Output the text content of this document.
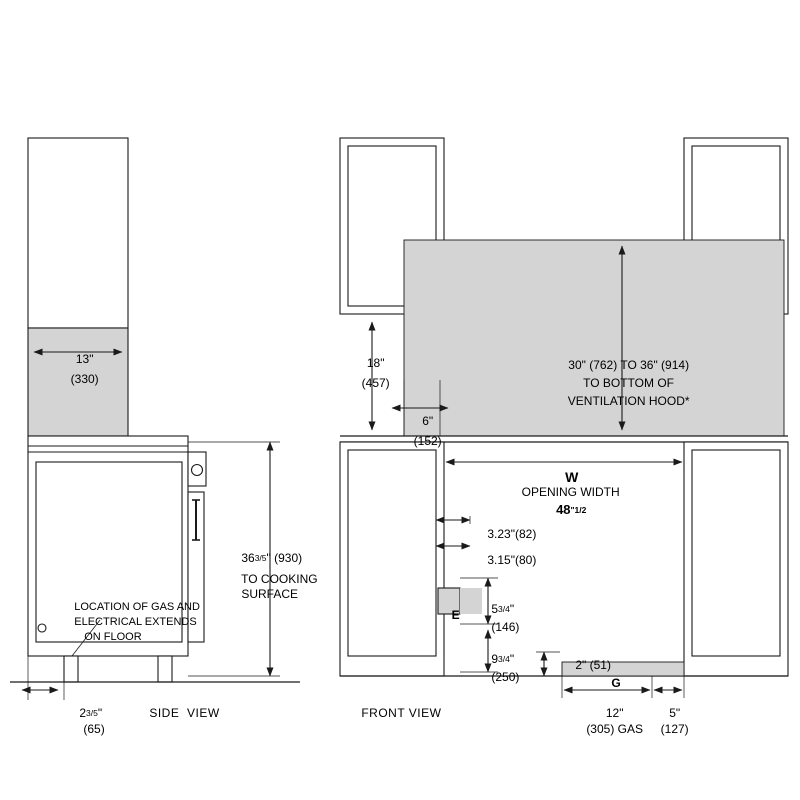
13"

(330)

363/5" (930)

TO COOKING

SURFACE

LOCATION OF GAS AND

ELECTRICAL EXTENDS

ON FLOOR

23/5"

(65)

SIDE  VIEW

18"

(457)

6"

(152)

30" (762) TO 36" (914)

TO BOTTOM OF

VENTILATION HOOD*

W

OPENING WIDTH

48"1/2

3.23"(82)

3.15"(80)

E
	53/4"

(146)

93/4"

(250)

2" (51)

G

12"

(305) GAS

5"

(127)

FRONT VIEW
